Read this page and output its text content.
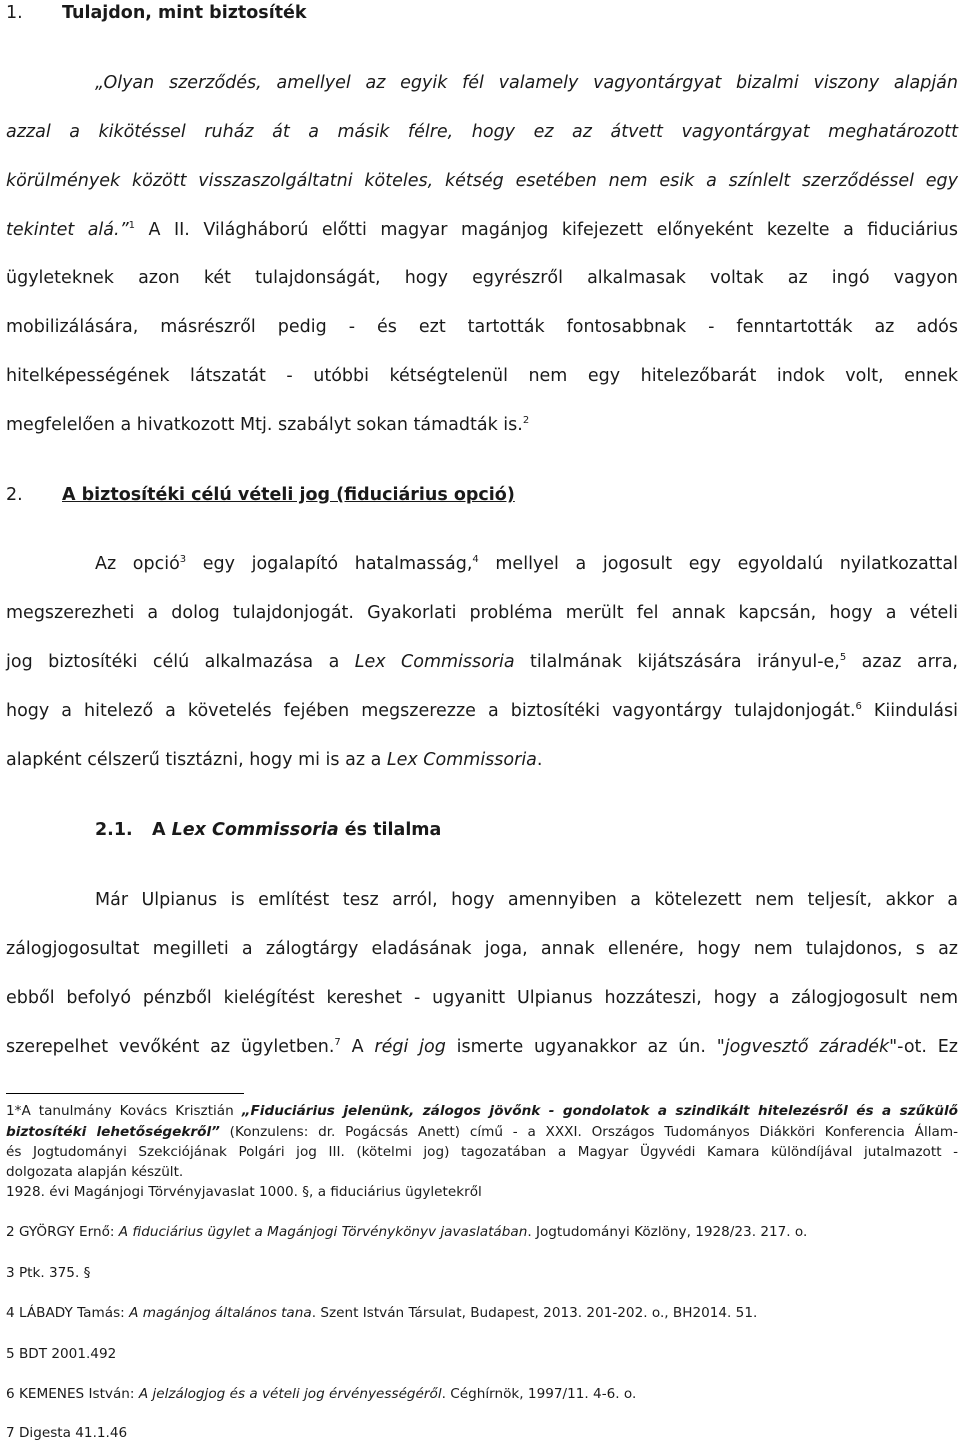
1. Tulajdon, mint biztosíték
„Olyan szerződés, amellyel az egyik fél valamely vagyontárgyat bizalmi viszony alapján
azzal a kikötéssel ruház át a másik félre, hogy ez az átvett vagyontárgyat meghatározott
körülmények között visszaszolgáltatni köteles, kétség esetében nem esik a színlelt szerződéssel egy
tekintet alá.”$^1$ A II. Világháború előtti magyar magánjog kifejezett előnyeként kezelte a fiduciárius
ügyleteknek azon két tulajdonságát, hogy egyrészről alkalmasak voltak az ingó vagyon
mobilizálására, másrészről pedig - és ezt tartották fontosabbnak - fenntartották az adós
hitelképességének látszatát - utóbbi kétségtelenül nem egy hitelezőbarát indok volt, ennek
megfelelően a hivatkozott Mtj. szabályt sokan támadták is.$^2$
2. A biztosítéki célú vételi jog (fiduciárius opció)
Az opció$^3$ egy jogalapító hatalmasság,$^4$ mellyel a jogosult egy egyoldalú nyilatkozattal
megszerezheti a dolog tulajdonjogát. Gyakorlati probléma merült fel annak kapcsán, hogy a vételi
jog biztosítéki célú alkalmazása a Lex Commissoria tilalmának kijátszására irányul-e,$^5$ azaz arra,
hogy a hitelező a követelés fejében megszerezze a biztosítéki vagyontárgy tulajdonjogát.$^6$ Kiindulási
alapként célszerű tisztázni, hogy mi is az a Lex Commissoria.
2.1. A Lex Commissoria és tilalma
Már Ulpianus is említést tesz arról, hogy amennyiben a kötelezett nem teljesít, akkor a
zálogjogosultat megilleti a zálogtárgy eladásának joga, annak ellenére, hogy nem tulajdonos, s az
ebből befolyó pénzből kielégítést kereshet - ugyanitt Ulpianus hozzáteszi, hogy a zálogjogosult nem
szerepelhet vevőként az ügyletben.$^7$ A régi jog ismerte ugyanakkor az ún. "jogvesztő záradék"-ot. Ez
1*A tanulmány Kovács Krisztián „Fiduciárius jelenünk, zálogos jövőnk - gondolatok a szindikált hitelezésről és a szűkülő
biztosítéki lehetőségekről” (Konzulens: dr. Pogácsás Anett) című - a XXXI. Országos Tudományos Diákköri Konferencia Állam-
és Jogtudományi Szekciójának Polgári jog III. (kötelmi jog) tagozatában a Magyar Ügyvédi Kamara különdíjával jutalmazott -
dolgozata alapján készült.
1928. évi Magánjogi Törvényjavaslat 1000. §, a fiduciárius ügyletekről
2 GYÖRGY Ernő: A fiduciárius ügylet a Magánjogi Törvénykönyv javaslatában. Jogtudományi Közlöny, 1928/23. 217. o.
3 Ptk. 375. §
4 LÁBADY Tamás: A magánjog általános tana. Szent István Társulat, Budapest, 2013. 201-202. o., BH2014. 51.
5 BDT 2001.492
6 KEMENES István: A jelzálogjog és a vételi jog érvényességéről. Céghírnök, 1997/11. 4-6. o.
7 Digesta 41.1.46
